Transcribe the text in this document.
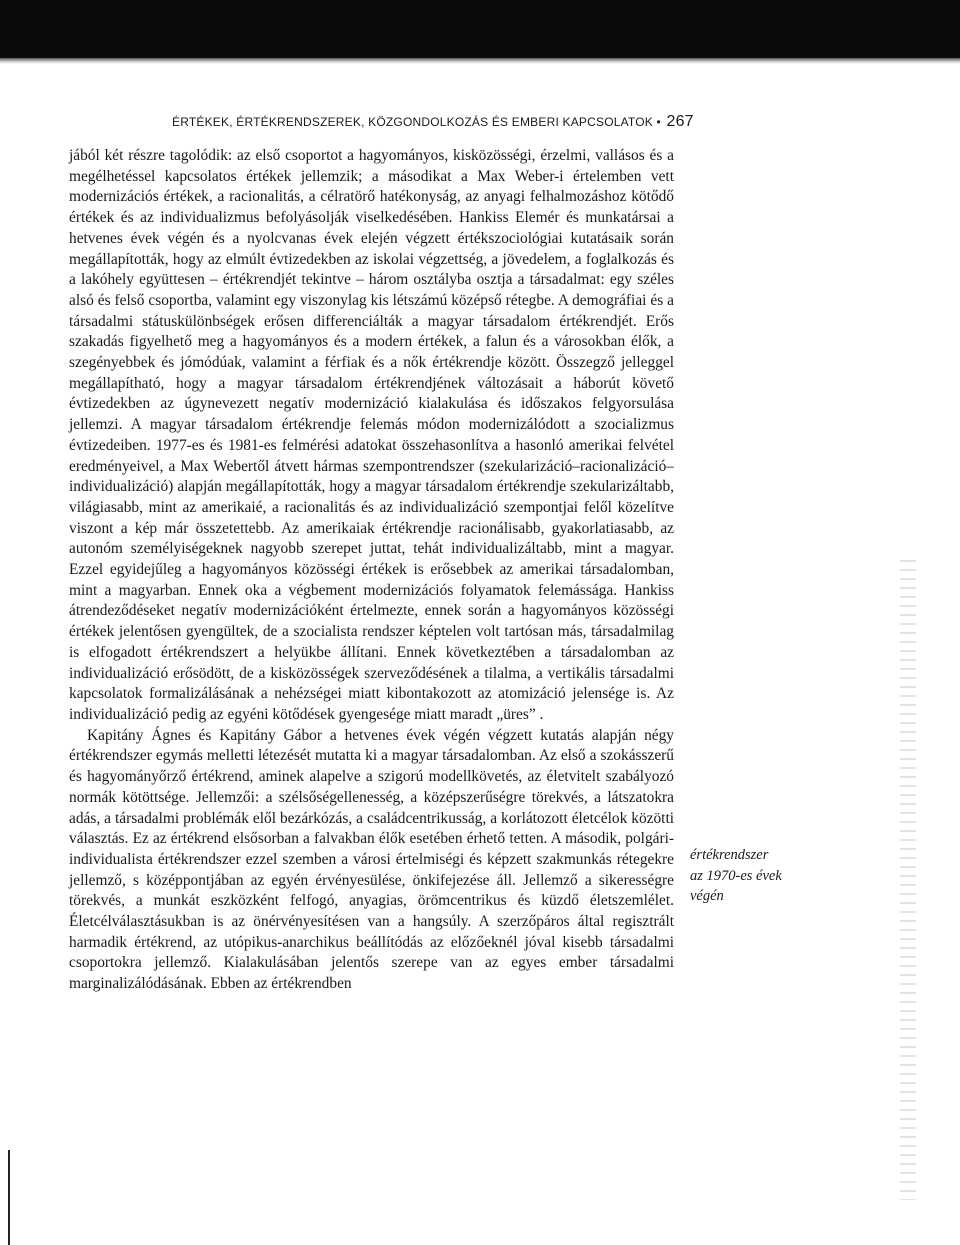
ÉRTÉKEK, ÉRTÉKRENDSZEREK, KÖZGONDOLKOZÁS ÉS EMBERI KAPCSOLATOK • 267

jából két részre tagolódik: az első csoportot a hagyományos, kisközösségi, érzelmi, vallásos és a megélhetéssel kapcsolatos értékek jellemzik; a másodikat a Max Weber-i értelemben vett modernizációs értékek, a racionalitás, a célratörő hatékonyság, az anyagi felhalmozáshoz kötődő értékek és az individualizmus befolyásolják viselkedésében. Hankiss Elemér és munkatársai a hetvenes évek végén és a nyolcvanas évek elején végzett értékszociológiai kutatásaik során megállapították, hogy az elmúlt évtizedekben az iskolai végzettség, a jövedelem, a foglalkozás és a lakóhely együttesen – értékrendjét tekintve – három osztályba osztja a társadalmat: egy széles alsó és felső csoportba, valamint egy viszonylag kis létszámú középső rétegbe. A demográfiai és a társadalmi státuskülönbségek erősen differenciálták a magyar társadalom értékrendjét. Erős szakadás figyelhető meg a hagyományos és a modern értékek, a falun és a városokban élők, a szegényebbek és jómódúak, valamint a férfiak és a nők értékrendje között. Összegző jelleggel megállapítható, hogy a magyar társadalom értékrendjének változásait a háborút követő évtizedekben az úgynevezett negatív modernizáció kialakulása és időszakos felgyorsulása jellemzi. A magyar társadalom értékrendje felemás módon modernizálódott a szocializmus évtizedeiben. 1977-es és 1981-es felmérési adatokat összehasonlítva a hasonló amerikai felvétel eredményeivel, a Max Webertől átvett hármas szempontrendszer (szekularizáció–racionalizáció–individualizáció) alapján megállapították, hogy a magyar társadalom értékrendje szekularizáltabb, világiasabb, mint az amerikaié, a racionalitás és az individualizáció szempontjai felől közelítve viszont a kép már összetettebb. Az amerikaiak értékrendje racionálisabb, gyakorlatiasabb, az autonóm személyiségeknek nagyobb szerepet juttat, tehát individualizáltabb, mint a magyar. Ezzel egyidejűleg a hagyományos közösségi értékek is erősebbek az amerikai társadalomban, mint a magyarban. Ennek oka a végbement modernizációs folyamatok felemássága. Hankiss átrendeződéseket negatív modernizációként értelmezte, ennek során a hagyományos közösségi értékek jelentősen gyengültek, de a szocialista rendszer képtelen volt tartósan más, társadalmilag is elfogadott értékrendszert a helyükbe állítani. Ennek következtében a társadalomban az individualizáció erősödött, de a kisközösségek szerveződésének a tilalma, a vertikális társadalmi kapcsolatok formalizálásának a nehézségei miatt kibontakozott az atomizáció jelensége is. Az individualizáció pedig az egyéni kötődések gyengesége miatt maradt „üres” .

Kapitány Ágnes és Kapitány Gábor a hetvenes évek végén végzett kutatás alapján négy értékrendszer egymás melletti létezését mutatta ki a magyar társadalomban. Az első a szokásszerű és hagyományőrző értékrend, aminek alapelve a szigorú modellkövetés, az életvitelt szabályozó normák kötöttsége. Jellemzői: a szélsőségellenesség, a középszerűségre törekvés, a látszatokra adás, a társadalmi problémák elől bezárkózás, a családcentrikusság, a korlátozott életcélok közötti választás. Ez az értékrend elsősorban a falvakban élők esetében érhető tetten. A második, polgári-individualista értékrendszer ezzel szemben a városi értelmiségi és képzett szakmunkás rétegekre jellemző, s középpontjában az egyén érvényesülése, önkifejezése áll. Jellemző a sikerességre törekvés, a munkát eszközként felfogó, anyagias, örömcentrikus és küzdő életszemlélet. Életcélválasztásukban is az önérvényesítésen van a hangsúly. A szerzőpáros által regisztrált harmadik értékrend, az utópikus-anarchikus beállítódás az előzőeknél jóval kisebb társadalmi csoportokra jellemző. Kialakulásában jelentős szerepe van az egyes ember társadalmi marginalizálódásának. Ebben az értékrendben

értékrendszer
az 1970-es évek
végén
